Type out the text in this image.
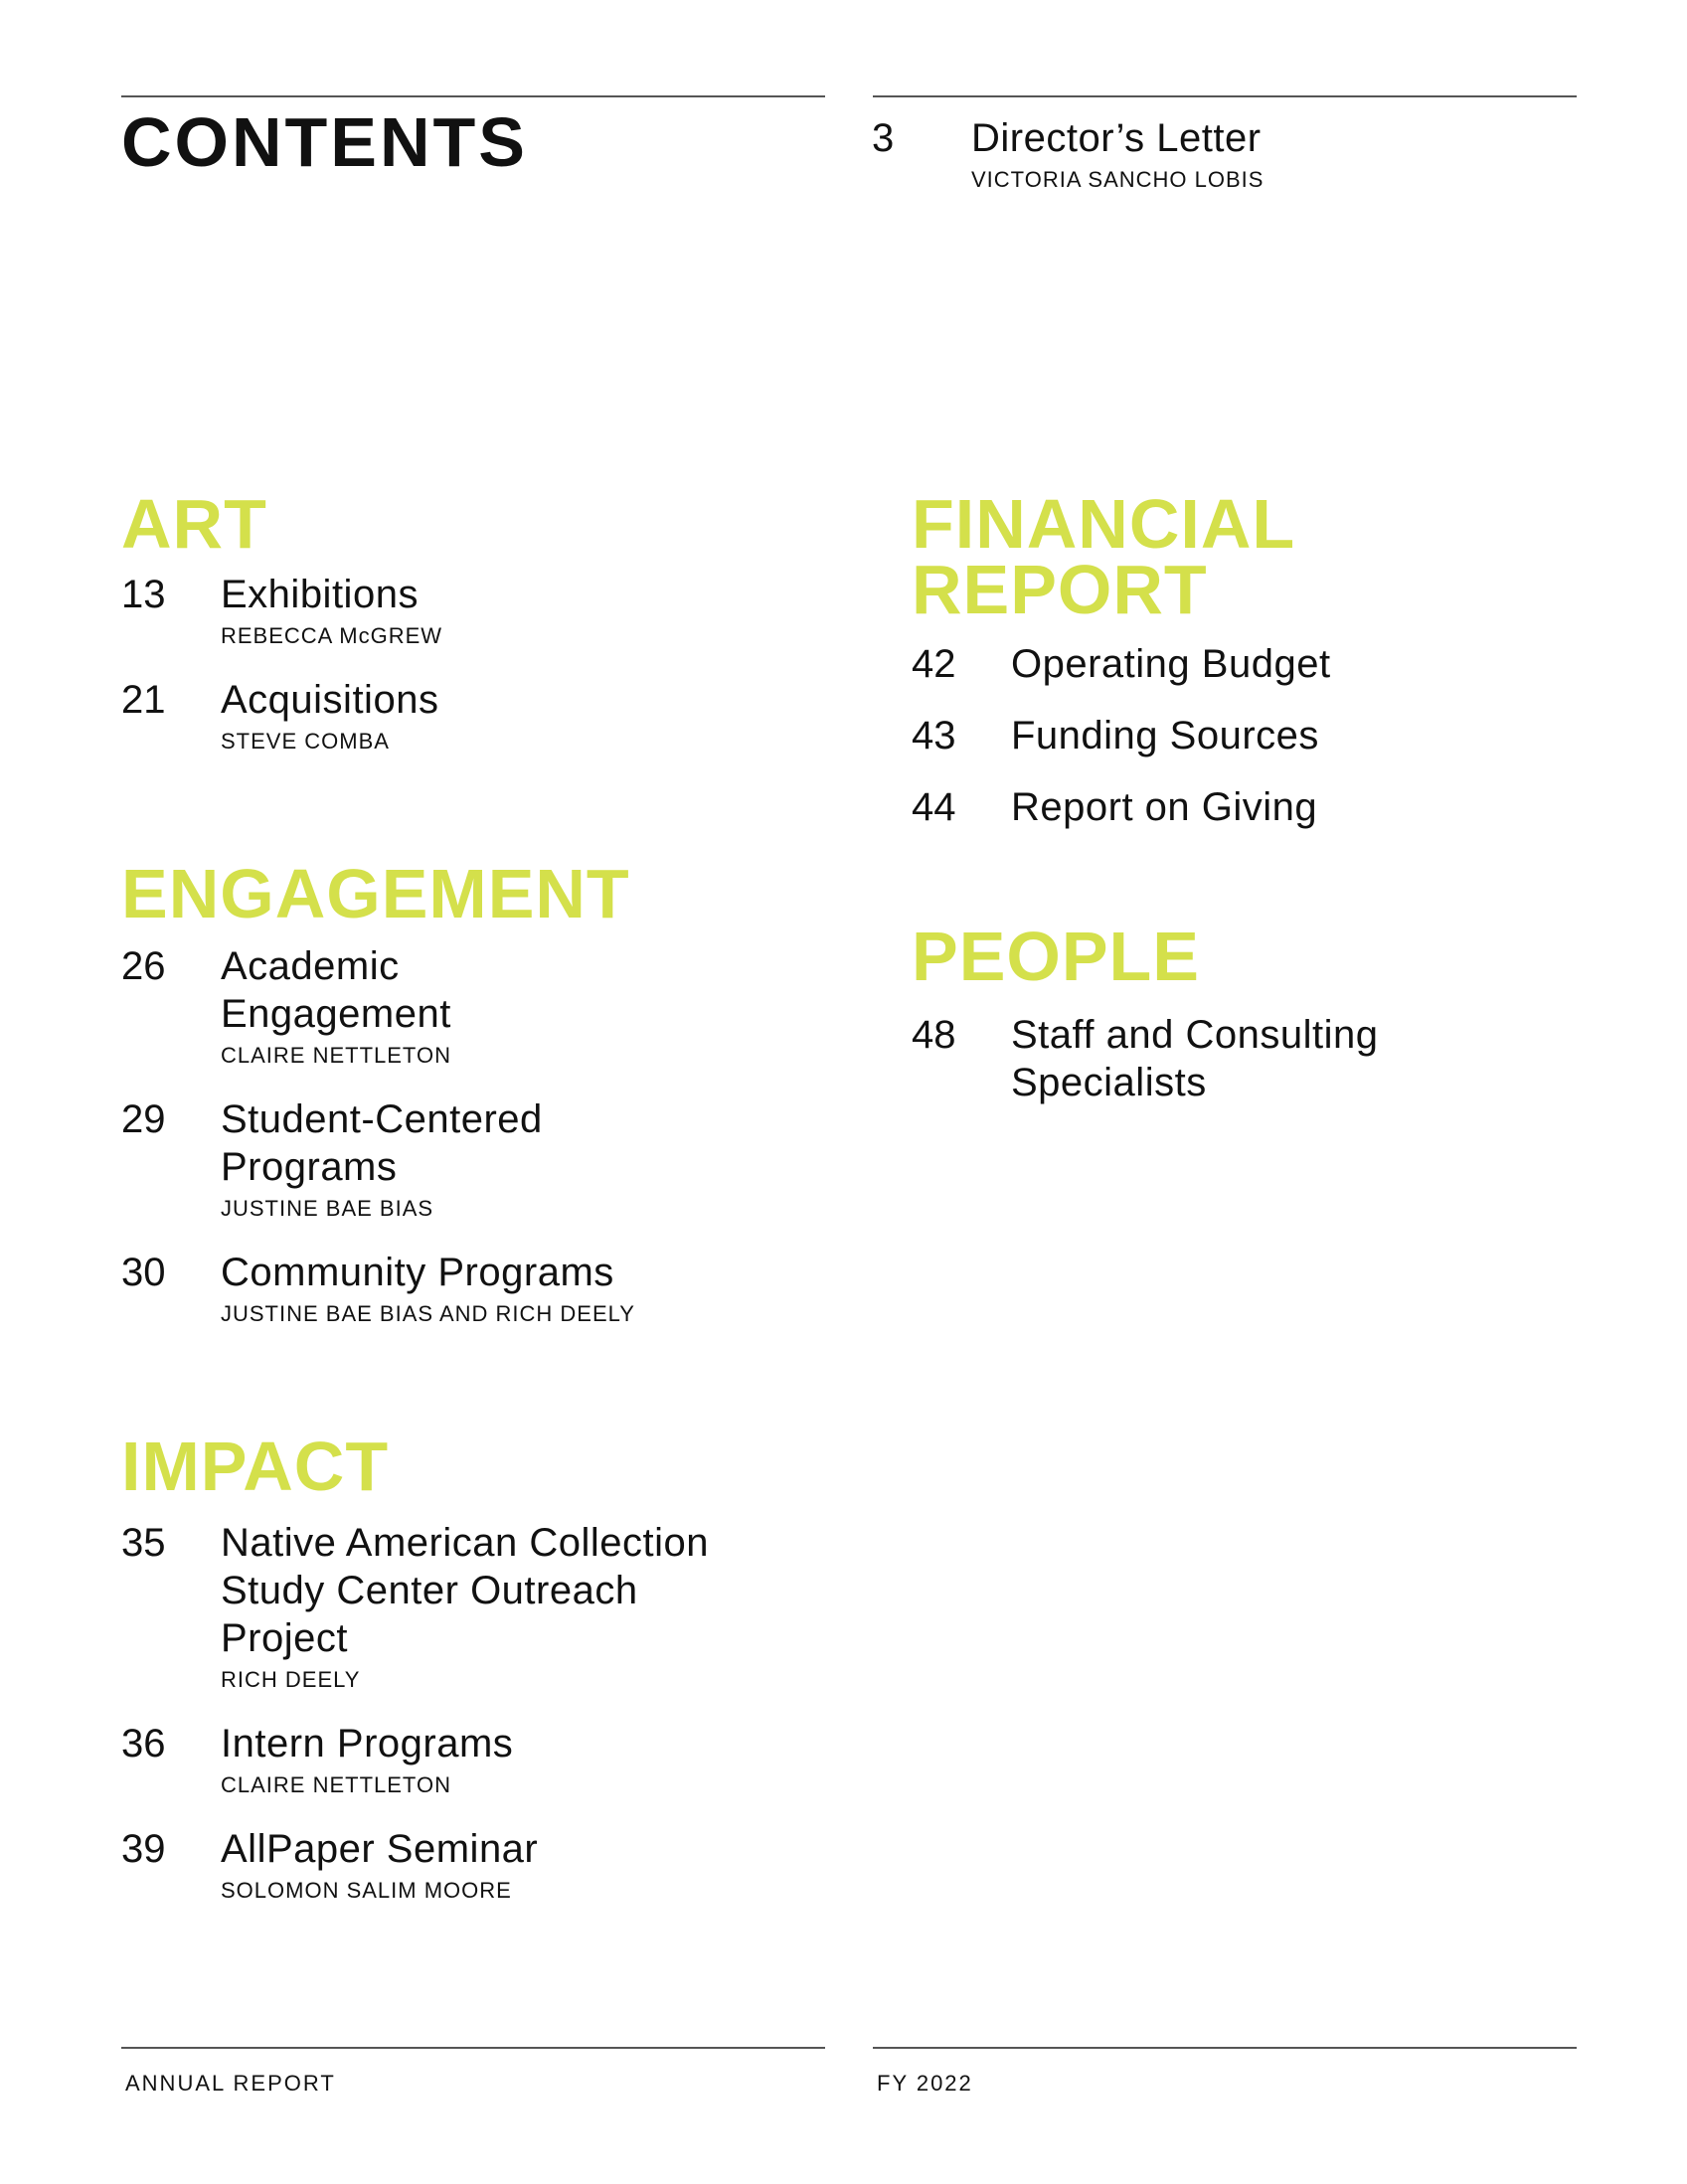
CONTENTS	3 Director’s Letter
VICTORIA SANCHO LOBIS
ART
13 Exhibitions
REBECCA McGREW
21 Acquisitions
STEVE COMBA
ENGAGEMENT
26 Academic Engagement
CLAIRE NETTLETON
29 Student-Centered Programs
JUSTINE BAE BIAS
30 Community Programs
JUSTINE BAE BIAS AND RICH DEELY
IMPACT
35 Native American Collection Study Center Outreach Project
RICH DEELY
36 Intern Programs
CLAIRE NETTLETON
39 AllPaper Seminar
SOLOMON SALIM MOORE
FINANCIAL
REPORT
42 Operating Budget
43 Funding Sources
44 Report on Giving
PEOPLE
48 Staff and Consulting Specialists
ANNUAL REPORT	FY 2022
